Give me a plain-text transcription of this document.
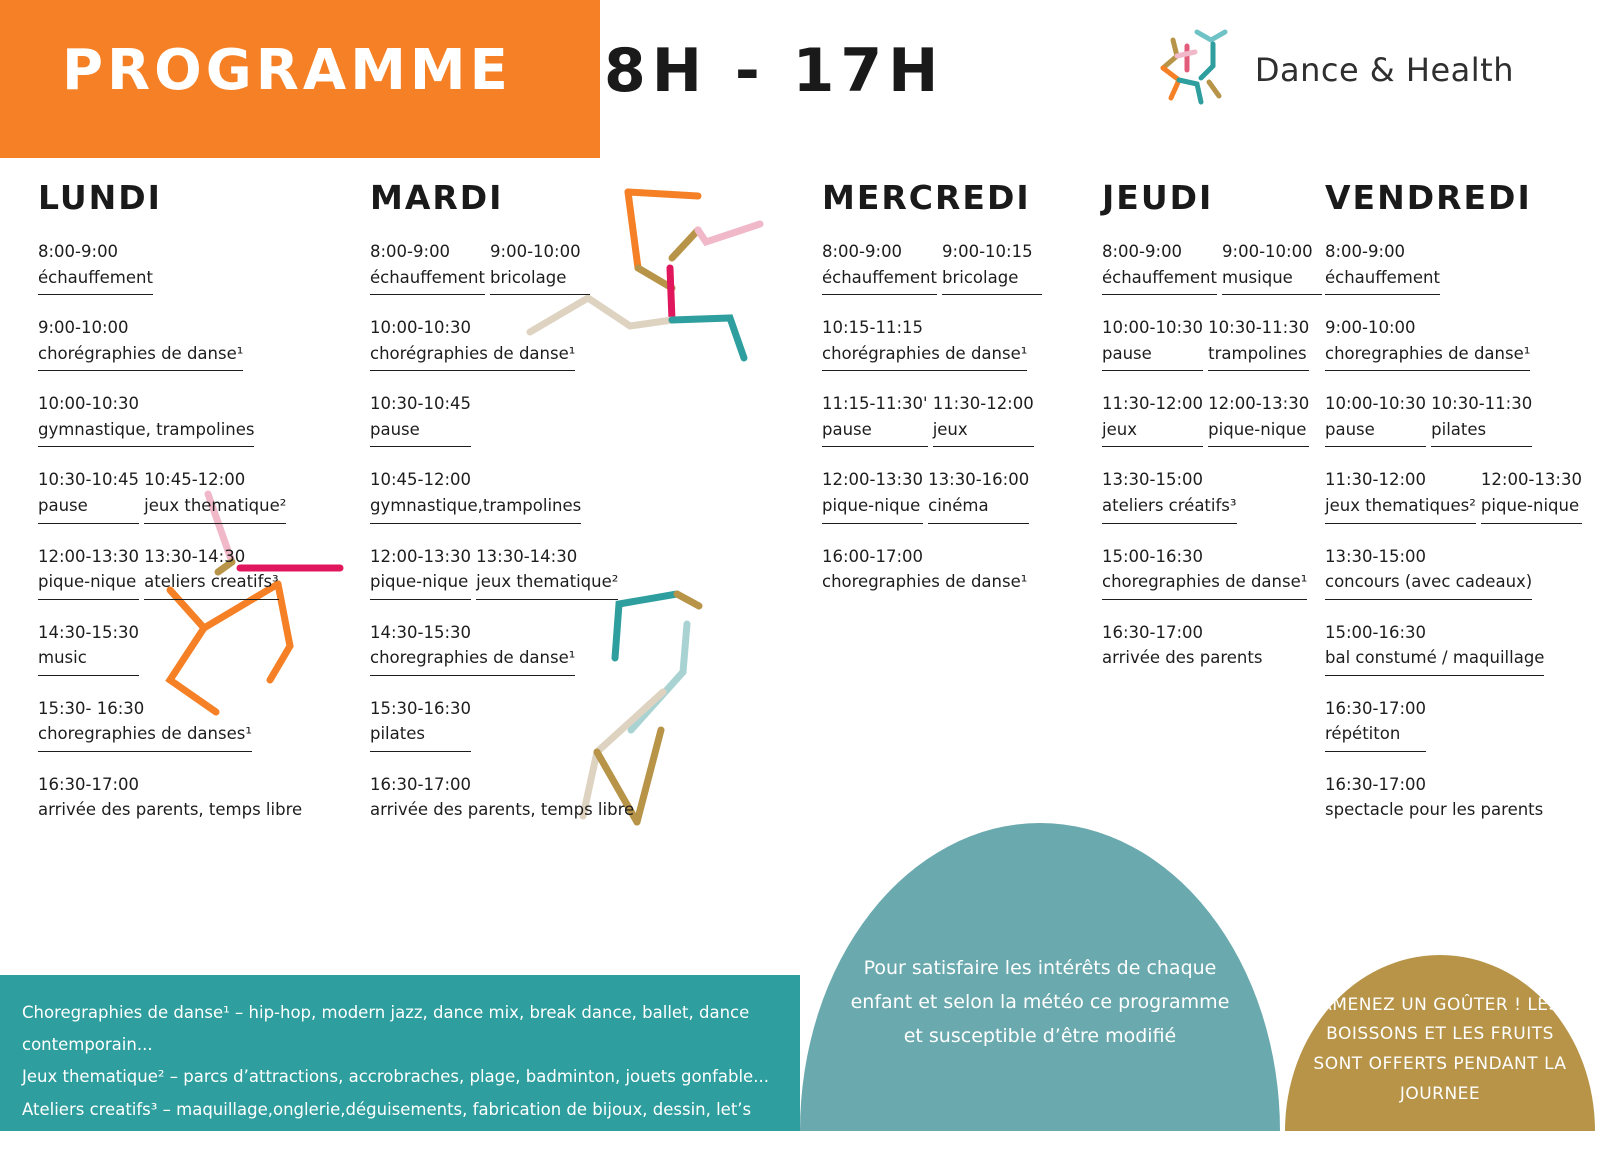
PROGRAMME 8H - 17H	Dance & Health
LUNDI
8:00-9:00
échauffement

9:00-10:00
chorégraphies de danse¹

10:00-10:30
gymnastique, trampolines

10:30-10:45
pause

10:45-12:00
jeux thematique²

12:00-13:30
pique-nique

13:30-14:30
ateliers creatifs³

14:30-15:30
music

15:30- 16:30
choregraphies de danses¹

16:30-17:00
arrivée des parents, temps libre
MARDI
8:00-9:00
échauffement

9:00-10:00
bricolage

10:00-10:30
chorégraphies de danse¹

10:30-10:45
pause

10:45-12:00
gymnastique,trampolines

12:00-13:30
pique-nique

13:30-14:30
jeux thematique²

14:30-15:30
choregraphies de danse¹

15:30-16:30
pilates

16:30-17:00
arrivée des parents, temps libre
MERCREDI
8:00-9:00
échauffement

9:00-10:15
bricolage

10:15-11:15
chorégraphies de danse¹

11:15-11:30'
pause

11:30-12:00
jeux

12:00-13:30
pique-nique

13:30-16:00
cinéma

16:00-17:00
choregraphies de danse¹
JEUDI
8:00-9:00
échauffement

9:00-10:00
musique

10:00-10:30
pause

10:30-11:30
trampolines

11:30-12:00
jeux

12:00-13:30
pique-nique

13:30-15:00
ateliers créatifs³

15:00-16:30
choregraphies de danse¹

16:30-17:00
arrivée des parents
VENDREDI
8:00-9:00
échauffement

9:00-10:00
choregraphies de danse¹

10:00-10:30
pause

10:30-11:30
pilates

11:30-12:00
jeux thematiques²

12:00-13:30
pique-nique

13:30-15:00
concours (avec cadeaux)

15:00-16:30
bal constumé / maquillage

16:30-17:00
répétiton

16:30-17:00
spectacle pour les parents
Choregraphies de danse¹ – hip-hop, modern jazz, dance mix, break dance, ballet, dance contemporain...
Jeux thematique² – parcs d’attractions, accrobraches, plage, badminton, jouets gonfable...
Ateliers creatifs³ – maquillage,onglerie,déguisements, fabrication de bijoux, dessin, let’s dance...
Pour satisfaire les intérêts de chaque enfant et selon la météo ce programme et susceptible d’être modifié
AMENEZ UN GOÛTER ! LES BOISSONS ET LES FRUITS SONT OFFERTS PENDANT LA JOURNEE
